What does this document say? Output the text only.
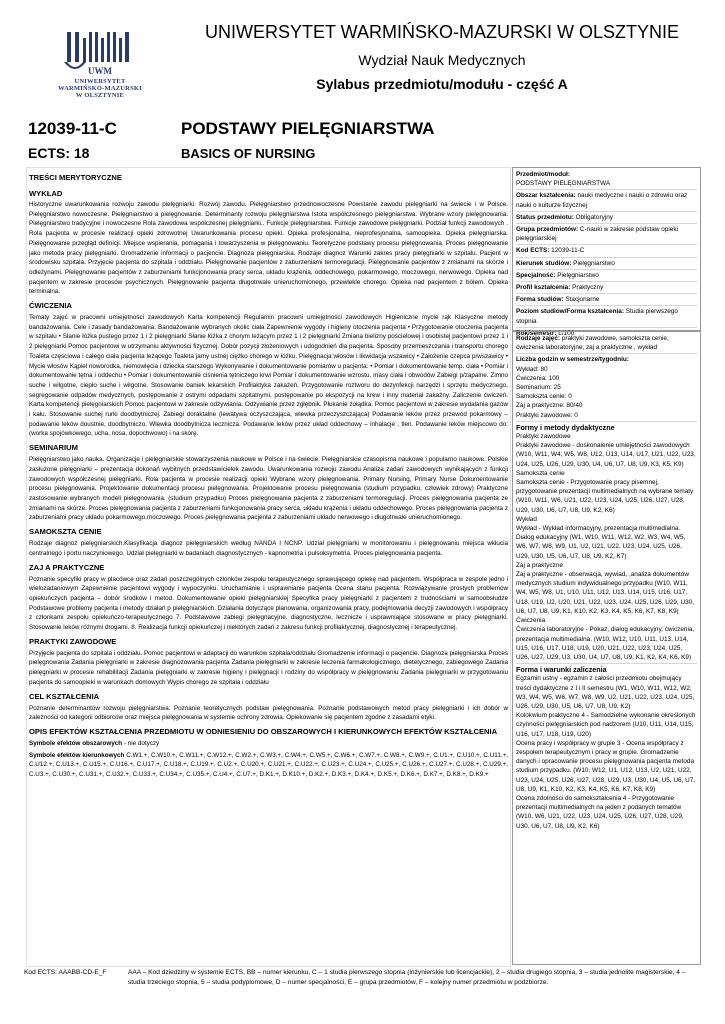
UWM
UNIWERSYTET
WARMIŃSKO-MAZURSKI
W OLSZTYNIE
UNIWERSYTET WARMIŃSKO-MAZURSKI W OLSZTYNIE
Wydział Nauk Medycznych
Sylabus przedmiotu/modułu - część A
12039-11-C	PODSTAWY PIELĘGNIARSTWA
ECTS: 18	BASICS OF NURSING
TREŚCI MERYTORYCZNE
WYKŁAD
Historyczne uwarunkowania rozwoju zawodu pielęgniarki. Rozwój zawodu. Pielęgniarstwo przednowoczesne Powstanie zawodu pielęgniarki na świecie i w Polsce. Pielęgniarstwo nowoczesne. Pielęgniarstwo a pielęgnowanie. Determinanty rozwoju pielęgniarstwa Istota współczesnego pielęgniarstwa. Wybrane wzory pielęgnowania. Pielęgniarstwo tradycyjne i nowoczesne Rola zawodowa współczesnej pielęgniarki.. Funkcje pielęgniarstwa. Funkcje zawodowe pielęgniarki. Podział funkcji zawodowych . Rola pacjenta w procesie realizacji opieki zdrowotnej Uwarunkowania procesu opieki. Opieka profesjonalna, nieprofesjonalna, samoopieka. Opieka pielęgniarska. Pielęgnowanie przegląd definicji. Miejsce wspierania, pomagania i towarzyszenia w pielęgnowaniu. Teoretyczne podstawy procesu pielęgnowania. Proces pielęgnowanie jako metoda pracy pielęgniarki. Gromadzenie informacji o pacjencie. Diagnoza pielęgniarska. Rodzaje diagnoz Warunki zakres pracy pielęgniarki w szpitalu. Pacjent w środowisku szpitala. Przyjęcie pacjenta do szpitala i oddziału. Pielęgnowanie pacjentów z zaburzeniami termoregulacji. Pielęgnowanie pacjentów z zmianami na skórze i odleżynami. Pielęgnowanie pacjentów z zaburzeniami funkcjonowania pracy serca, układu krążenia, oddechowego, pokarmowego, moczowego, nerwowego. Opieka nad pacjentem w zakresie procesów psychicznych. Pielęgnowanie pacjenta długotrwale unieruchomionego, przewlekle chorego. Opieka nad pacjentem z bólem. Opieka terminalna.
ĆWICZENIA
Tematy zajęć w pracowni umiejętności zawodowych Karta kompetencji Regulamin pracowni umiejętności zawodowych Higieniczne mycie rąk Klasyczne metody bandażowania. Cele i zasady bandażowania. Bandażowanie wybranych okolic ciała Zapewnienie wygody i higieny otoczenia pacjenta • Przygotowanie otoczenia pacjenta w szpitalu • Słanie łóżka pustego przez 1 i 2 pielęgniarki Słanie łóżka z chorym leżącym przez 1 i 2 pielęgniarki Zmiana bielizny pościelowej i osobistej pacjentowi przez 1 i 2 pielęgniarki Pomoc pacjentowi w utrzymaniu aktywności fizycznej. Dobór pozycji złożeniowych i udogodnień dla pacjenta. Sposoby przemieszczania i transportu chorego Toaleta częściowa i całego ciała pacjenta leżącego Toaleta jamy ustnej ciężko chorego w łóżku. Pielęgnacja włosów i likwidacja wszawicy • Założenie czepca p/wszawicy • Mycie włosów Kąpiel noworodka, niemowlęcia i dziecka starszego Wykonywanie i dokumentowanie pomiarów u pacjenta: • Pomiar i dokumentowanie temp. ciała • Pomiar i dokumentowanie tętna i oddechu • Pomiar i dokumentowanie ciśnienia tętniczego krwi Pomiar i dokumentowanie wzrostu, masy ciała i obwodów Zabiegi p/zapalne. Zimno suche i wilgotne, ciepło suche i wilgotne. Stosowanie baniek lekarskich Profilaktyka zakażeń. Przygotowanie roztworu do dezynfekcji narzędzi i sprzętu medycznego, segregowanie odpadów medycznych, postępowanie z ostrymi odpadami szpitalnymi, postępowanie po ekspozycji na krew i inny materiał zakaźny. Zaliczenie ćwiczeń. Karta kompetencji pielęgniarskich Pomoc pacjentowi w zakresie odżywiania. Odżywianie przez zgłębnik. Płukanie żołądka. Pomoc pacjentowi w zakresie wydalania gazów i kału. Stosowanie suchej rurki doodbytniczej. Zabiegi doraktalne (lewatywa oczyszczająca, wlewka przeczyszczająca) Podawanie leków przez przewód pokarmowy – podawanie leków doustnie, doodbytniczo. Wlewka doodbytnicza lecznicza. Podawanie leków przez układ oddechowy – inhalacje , tlen. Podawanie leków miejscowo do: (worka spojówkowego, ucha, nosa, dopochwowo) i na skórę.
SEMINARIUM
Pielęgniarstwo jako nauka. Organizacje i pielęgniarskie stowarzyszenia naukowe w Polsce i na świecie. Pielęgniarskie czasopisma naukowe i popularno naukowe. Polskie zasłużone pielęgniarki – prezentacja dokonań wybitnych przedstawicielek zawodu. Uwarunkowania rozwoju zawodu Analiza zadań zawodowych wynikających z funkcji zawodowych współczesnej pielęgniarki. Rola pacjenta w procesie realizacji opieki Wybrane wzory pielęgnowania. Primary Nursing, Primary Nurse Dokumentowanie procesu pielęgnowania. Projektowanie dokumentacji procesu pielęgnowania. Projektowanie procesu pielęgnowania (studium przypadku, człowiek zdrowy) Praktyczne zastosowanie wybranych modeli pielęgnowania. (studium przypadku) Proces pielęgnowania pacjenta z zaburzeniami termoregulacji. Proces pielęgnowania pacjenta ze zmianami na skórze. Proces pielęgnowania pacjenta z zaburzeniami funkcjonowania pracy serca, układu krążenia i układu oddechowego. Proces pielęgnowania pacjenta z zaburzeniami pracy układu pokarmowego,moczowego. Proces pielęgnowania pacjenta z zaburzeniami układu nerwowego i długotrwale unieruchomionego.
SAMOKSZTA CENIE
Rodzaje diagnoz pielęgniarskich.Klasyfikacja diagnoz pielęgniarskich według NANDA I NCNP. Udział pielęgniarki w monitorowaniu i pielęgnowaniu miejsca wkłucia centralnego i portu naczyniowego. Udział pielęgniarki w badaniach diagnostycznych - kapnometria i pulsoksymetria. Proces pielęgnowania pacjenta.
ZAJ A PRAKTYCZNE
Poznanie specyfiki pracy w placówce oraz zadań poszczególnych członków zespołu terapeutycznego sprawującego opiekę nad pacjentem. Współpraca w zespole jedno i wielozadaniowym Zapewnienie pacjentowi wygody i wypoczynku. Uruchamianie i usprawnianie pacjenta Ocena stanu pacjenta. Rozwiązywanie prostych problemów opiekuńczych pacjenta – dobór środków i metod. Dokumentowanie opieki pielęgniarskiej Specyfika pracy pielęgniarki z pacjentem z trudnościami w samoobsłudze Podstawowe problemy pacjenta i metody działań p pielęgniarskich. Działania dotyczące planowania, organizowania pracy, podejmowania decyzji zawodowych i współpracy z członkami zespołu opiekuńczo-terapeutycznego 7. Podstawowe zabiegi pielęgnacyjne, diagnostyczne, lecznicze i usprawniające stosowane w pracy pielęgniarki. Stosowanie leków różnymi drogami. 8. Realizacja funkcji opiekuńczej i niektórych zadań z zakresu funkcji profilaktycznej, diagnostycznej i terapeutycznej.
PRAKTYKI ZAWODOWE
Przyjęcie pacjenta do szpitala i oddziału. Pomoc pacjentowi w adaptacji do warunków szpitala/oddziału Gromadzenie informacji o pacjencie. Diagnoza pielęgniarska Proces pielęgnowania Zadania pielęgniarki w zakresie diagnozowania pacjenta Zadania pielęgniarki w zakresie leczenia farmakologicznego, dietetycznego, zabiegowego Zadania pielęgniarki w procesie rehabilitacji Zadania pielęgniarki w zakresie higieny i pielęgnacji i rodziny do współpracy w pielęgnowaniu Zadania pielęgniarki w przygotowaniu pacjenta do samoopieki w warunkach domowych Wypis chorego ze szpitala i oddziału
CEL KSZTAŁCENIA
Poznanie determinantów rozwoju pielęgniarstwa. Poznanie teoretycznych podstaw pielęgnowania. Poznanie podstawowych metod pracy pielęgniarki i ich dobór w zależności od kategorii odbiorców oraz miejsca pielęgnowania w systemie ochrony zdrowia. Opiekowanie się pacjentem zgodne z zasadami etyki.
OPIS EFEKTÓW KSZTAŁCENIA PRZEDMIOTU W ODNIESIENIU DO OBSZAROWYCH I KIERUNKOWYCH EFEKTÓW KSZTAŁCENIA
Symbole efektów obszarowych - nie dotyczy
Symbole efektów kierunkowych C.W1.+, C.W10.+, C.W11.+, C.W12.+, C.W2.+, C.W3.+, C.W4.+, C.W5.+, C.W6.+, C.W7.+, C.W8.+, C.W9.+, C.U1.+, C.U10.+, C.U11.+, C.U12.+, C.U13.+, C.U15.+, C.U16.+, C.U17.+, C.U18.+, C.U19.+, C.U2.+, C.U20.+, C.U21.+, C.U22.+, C.U23.+, C.U24.+, C.U25.+, C.U26.+, C.U27.+, C.U28.+, C.U29.+, C.U3.+, C.U30.+, C.U31.+, C.U32.+, C.U33.+, C.U34.+, C.U35.+, C.U4.+, C.U7.+, D.K1.+, D.K10.+, D.K2.+, D.K3.+, D.K4.+, D.K5.+, D.K6.+, D.K7.+, D.K8.+, D.K9.+
Przedmiot/moduł:
PODSTAWY PIELĘGNIARSTWA
Obszar kształcenia: nauki medyczne i nauki o zdrowiu oraz nauki o kulturze fizycznej
Status przedmiotu: Obligatoryjny
Grupa przedmiotów: C-nauki w zakresie podstaw opieki pielęgniarskiej
Kod ECTS: 12039-11-C
Kierunek studiów: Pielęgniarstwo
Specjalność: Pielęgniarstwo
Profil kształcenia: Praktyczny
Forma studiów: Stacjonarne
Poziom studiów/Forma kształcenia: Studia pierwszego stopnia
Rok/semestr: L/100
Rodzaje zajęć: praktyki zawodowe, samokszta cenie, ćwiczenia laboratoryjne, zaj a praktyczne , wykład
Liczba godzin w semestrze/tygodniu:
Wykład: 80
Ćwiczenia: 100
Seminarium: 25
Samokszta cenie: 0
Zaj a praktyczne: 80/40
Praktyki zawodowe: 0
Formy i metody dydaktyczne
Praktyki zawodowe
Praktyki zawodowe - doskonalenie umiejętności zawodowych (W10, W11, W4, W5, W8, U12, U13, U14, U17, U21, U22, U23, U24, U25, U26, U29, U30, U4, U6, U7, U8, U9, K3, K5, K9)
Samokszta cenie
Samokszta cenie - Przygotowanie pracy pisemnej, przygotowanie prezentacji multimedialnych na wybrane tematy (W10, W11, W6, U21, U22, U23, U24, U25, U26, U27, U28, U29, U30, U6, U7, U8, U9, K2, K6)
Wykład
Wykład - Wykład informacyjny, prezentacja multimedialna. Dialog edukacyjny (W1, W10, W11, W12, W2, W3, W4, W5, W6, W7, W8, W9, U1, U2, U21, U22, U23, U24, U25, U26, U29, U30, U5, U6, U7, U8, U9, K2, K7)
Zaj a praktyczne
Zaj a praktyczne - obserwacja, wywiad, ,analiza dokumentów medycznych studium indywidualnego przypadku (W10, W11, W4, W5, W8, U1, U10, U11, U12, U13, U14, U15, U16, U17, U18, U19, U2, U20, U21, U22, U23, U24, U25, U26, U29, U30, U6, U7, U8, U9, K1, K10, K2, K3, K4, K5, K6, K7, K8, K9)
Ćwiczenia
Ćwiczenia laboratoryjne - Pokaz, dialog edukacyjny, ćwiczenia, prezentacja multimedialna. (W10, W12, U10, U11, U13, U14, U15, U16, U17, U18, U19, U20, U21, U22, U23, U24, U25, U26, U27, U29, U3, U30, U4, U7, U8, U9, K1, K2, K4, K6, K9)
Forma i warunki zaliczenia
Egzamin ustny - egzamin z całości przedmiotu obejmujący treści dydaktyczne z I i II semestru (W1, W10, W11, W12, W2, W3, W4, W5, W6, W7, W8, W9, U2, U21, U22, U23, U24, U25, U26, U29, U30, U5, U6, U7, U8, U9, K2)
Kolokwium praktyczne 4 - Samodzielne wykonanie określonych czynności pielęgniarskich pod nadzorem (U10, U11, U14, U15, U16, U17, U18, U19, U20)
Ocena pracy i współpracy w grupie 3 - Ocena współpracy z zespołem terapeutycznym i pracy w grupie. Gromadzenie danych i opracowanie procesu pielęgnowania pacjenta metoda studium przypadku. (W10, W12, U1, U12, U13, U2, U21, U22, U23, U24, U25, U26, U27, U28, U29, U3, U30, U4, U5, U6, U7, U8, U9, K1, K10, K2, K3, K4, K5, K6, K7, K8, K9)
Ocena zdolności do samokształcenia 4 - Przygotowanie prezentacji multimedialnych na jeden z podanych tematów (W10, W6, U21, U22, U23, U24, U25, U26, U27, U28, U29, U30, U6, U7, U8, U9, K2, K6)
Kod ECTS: AAABB-CD-E_F	AAA – Kod dziedziny w systemie ECTS, BB – numer kierunku, C – 1 studia pierwszego stopnia (inżynierskie lub licencjackie), 2 – studia drugiego stopnia, 3 – studia jednolite magisterskie, 4 – studia trzeciego stopnia, 5 – studia podyplomowe, D – numer specjalności, E – grupa przedmiotów, F – kolejny numer przedmiotu w podzbiorze.
